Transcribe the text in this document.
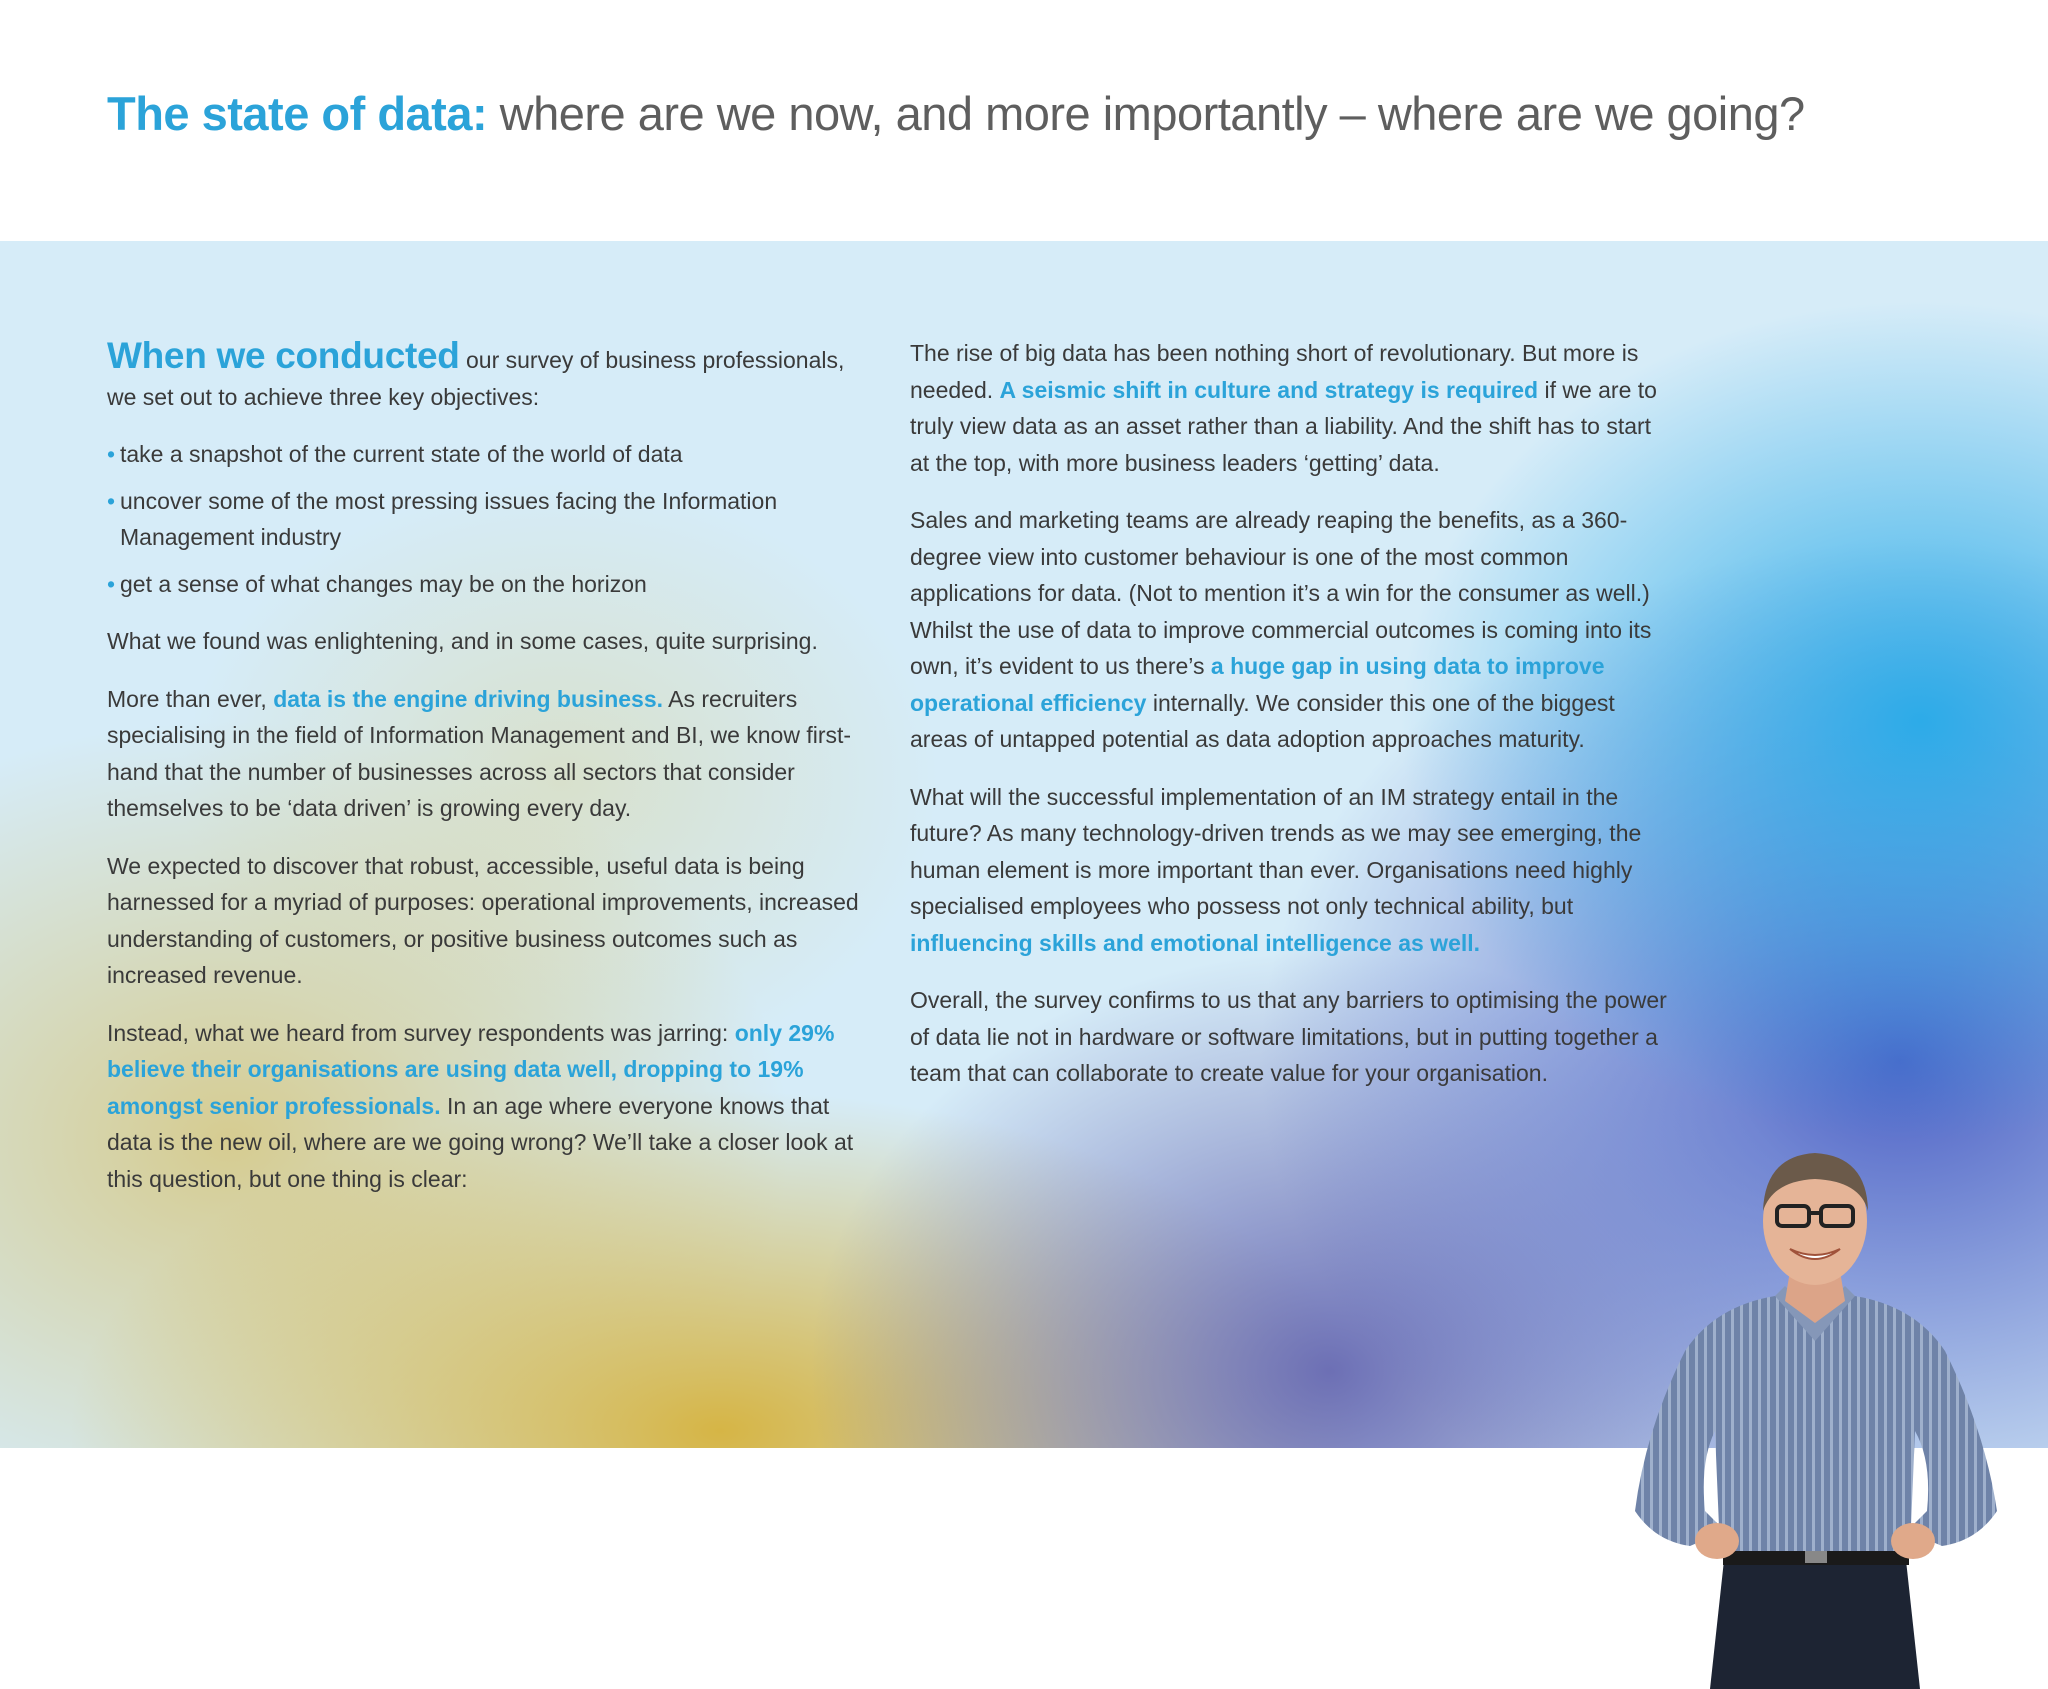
The state of data: where are we now, and more importantly – where are we going?
Mark Dexter
...
Managing Director
KDR Recruitment

When we conducted our survey of business professionals, we set out to achieve three key objectives:

• take a snapshot of the current state of the world of data
• uncover some of the most pressing issues facing the Information Management industry
• get a sense of what changes may be on the horizon

What we found was enlightening, and in some cases, quite surprising.

More than ever, data is the engine driving business. As recruiters specialising in the field of Information Management and BI, we know first-hand that the number of businesses across all sectors that consider themselves to be ‘data driven’ is growing every day.

We expected to discover that robust, accessible, useful data is being harnessed for a myriad of purposes: operational improvements, increased understanding of customers, or positive business outcomes such as increased revenue.

Instead, what we heard from survey respondents was jarring: only 29% believe their organisations are using data well, dropping to 19% amongst senior professionals. In an age where everyone knows that data is the new oil, where are we going wrong? We’ll take a closer look at this question, but one thing is clear:

The rise of big data has been nothing short of revolutionary. But more is needed. A seismic shift in culture and strategy is required if we are to truly view data as an asset rather than a liability. And the shift has to start at the top, with more business leaders ‘getting’ data.

Sales and marketing teams are already reaping the benefits, as a 360-degree view into customer behaviour is one of the most common applications for data. (Not to mention it’s a win for the consumer as well.) Whilst the use of data to improve commercial outcomes is coming into its own, it’s evident to us there’s a huge gap in using data to improve operational efficiency internally. We consider this one of the biggest areas of untapped potential as data adoption approaches maturity.

What will the successful implementation of an IM strategy entail in the future? As many technology-driven trends as we may see emerging, the human element is more important than ever. Organisations need highly specialised employees who possess not only technical ability, but influencing skills and emotional intelligence as well.

Overall, the survey confirms to us that any barriers to optimising the power of data lie not in hardware or software limitations, but in putting together a team that can collaborate to create value for your organisation.
